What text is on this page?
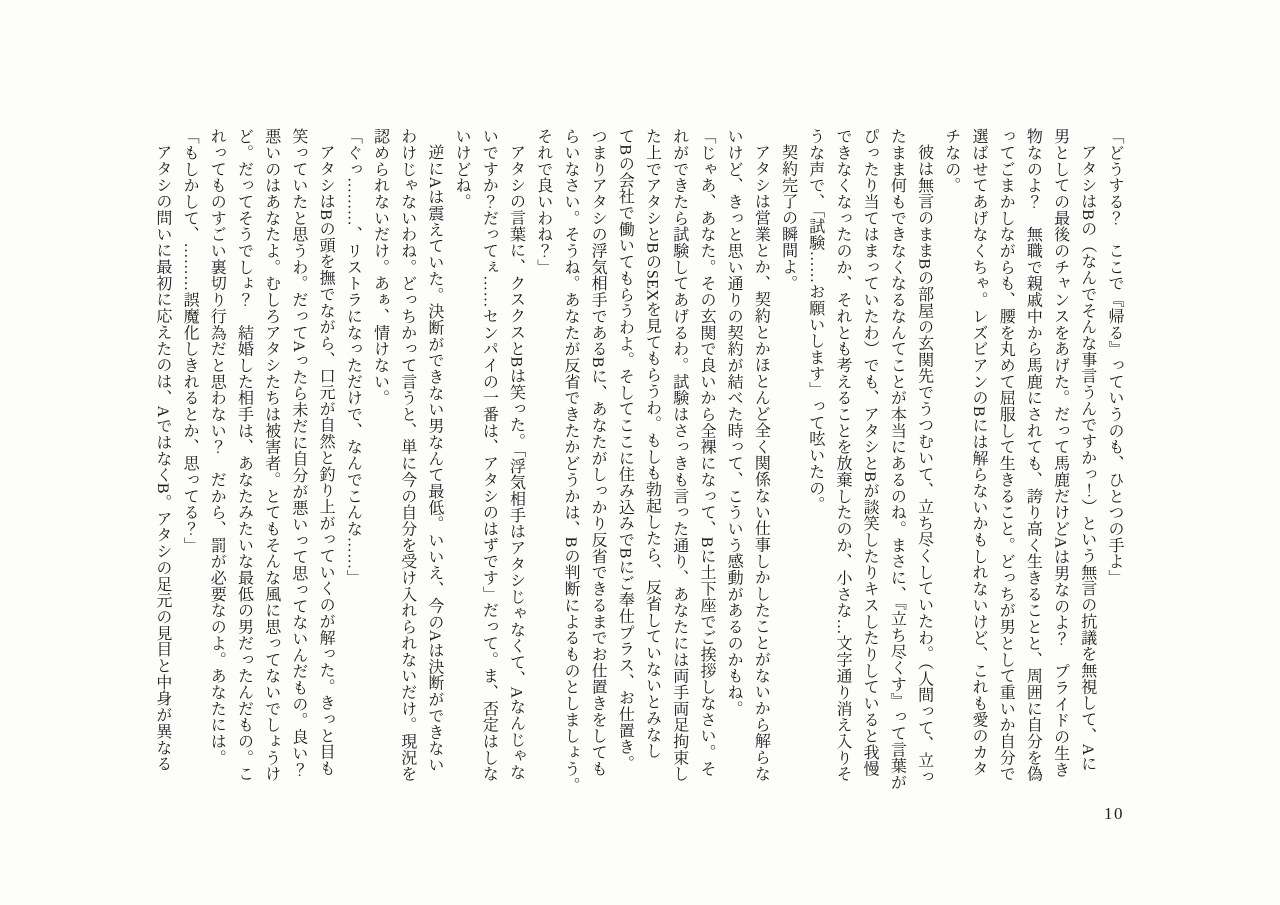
「どうする？　ここで『帰る』っていうのも、ひとつの手よ」
アタシはBの（なんでそんな事言うんですかっ！）という無言の抗議を無視して、Aに
男としての最後のチャンスをあげた。だって馬鹿だけどAは男なのよ？　プライドの生き
物なのよ？　無職で親戚中から馬鹿にされても、誇り高く生きることと、周囲に自分を偽
ってごまかしながらも、腰を丸めて屈服して生きること。どっちが男として重いか自分で
選ばせてあげなくちゃ。レズビアンのBには解らないかもしれないけど、これも愛のカタ
チなの。
彼は無言のままBの部屋の玄関先でうつむいて、立ち尽くしていたわ。（人間って、立っ
たまま何もできなくなるなんてことが本当にあるのね。まさに、『立ち尽くす』って言葉が
ぴったり当てはまっていたわ）でも、アタシとBが談笑したりキスしたりしていると我慢
できなくなったのか、それとも考えることを放棄したのか、小さな…文字通り消え入りそ
うな声で、「試験……お願いします」って呟いたの。
契約完了の瞬間よ。
アタシは営業とか、契約とかほとんど全く関係ない仕事しかしたことがないから解らな
いけど、きっと思い通りの契約が結べた時って、こういう感動があるのかもね。
「じゃあ、あなた。その玄関で良いから全裸になって、Bに土下座でご挨拶しなさい。そ
れができたら試験してあげるわ。試験はさっきも言った通り、あなたには両手両足拘束し
た上でアタシとBのSEXを見てもらうわ。もしも勃起したら、反省していないとみなし
てBの会社で働いてもらうわよ。そしてここに住み込みでBにご奉仕プラス、お仕置き。
つまりアタシの浮気相手であるBに、あなたがしっかり反省できるまでお仕置きをしても
らいなさい。そうね。あなたが反省できたかどうかは、Bの判断によるものとしましょう。
それで良いわね？」
アタシの言葉に、クスクスとBは笑った。「浮気相手はアタシじゃなくて、Aなんじゃな
いですか？だってぇ……センパイの一番は、アタシのはずです」だって。ま、否定はしな
いけどね。
逆にAは震えていた。決断ができない男なんて最低。いいえ、今のAは決断ができない
わけじゃないわね。どっちかって言うと、単に今の自分を受け入れられないだけ。現況を
認められないだけ。あぁ、情けない。
「ぐっ………、リストラになっただけで、なんでこんな……」
アタシはBの頭を撫でながら、口元が自然と釣り上がっていくのが解った。きっと目も
笑っていたと思うわ。だってAったら未だに自分が悪いって思ってないんだもの。良い？
悪いのはあなたよ。むしろアタシたちは被害者。とてもそんな風に思ってないでしょうけ
ど。だってそうでしょ？　結婚した相手は、あなたみたいな最低の男だったんだもの。こ
れってものすごい裏切り行為だと思わない？　だから、罰が必要なのよ。あなたには。
「もしかして、………誤魔化しきれるとか、思ってる？」
アタシの問いに最初に応えたのは、AではなくB。アタシの足元の見目と中身が異なる
10
